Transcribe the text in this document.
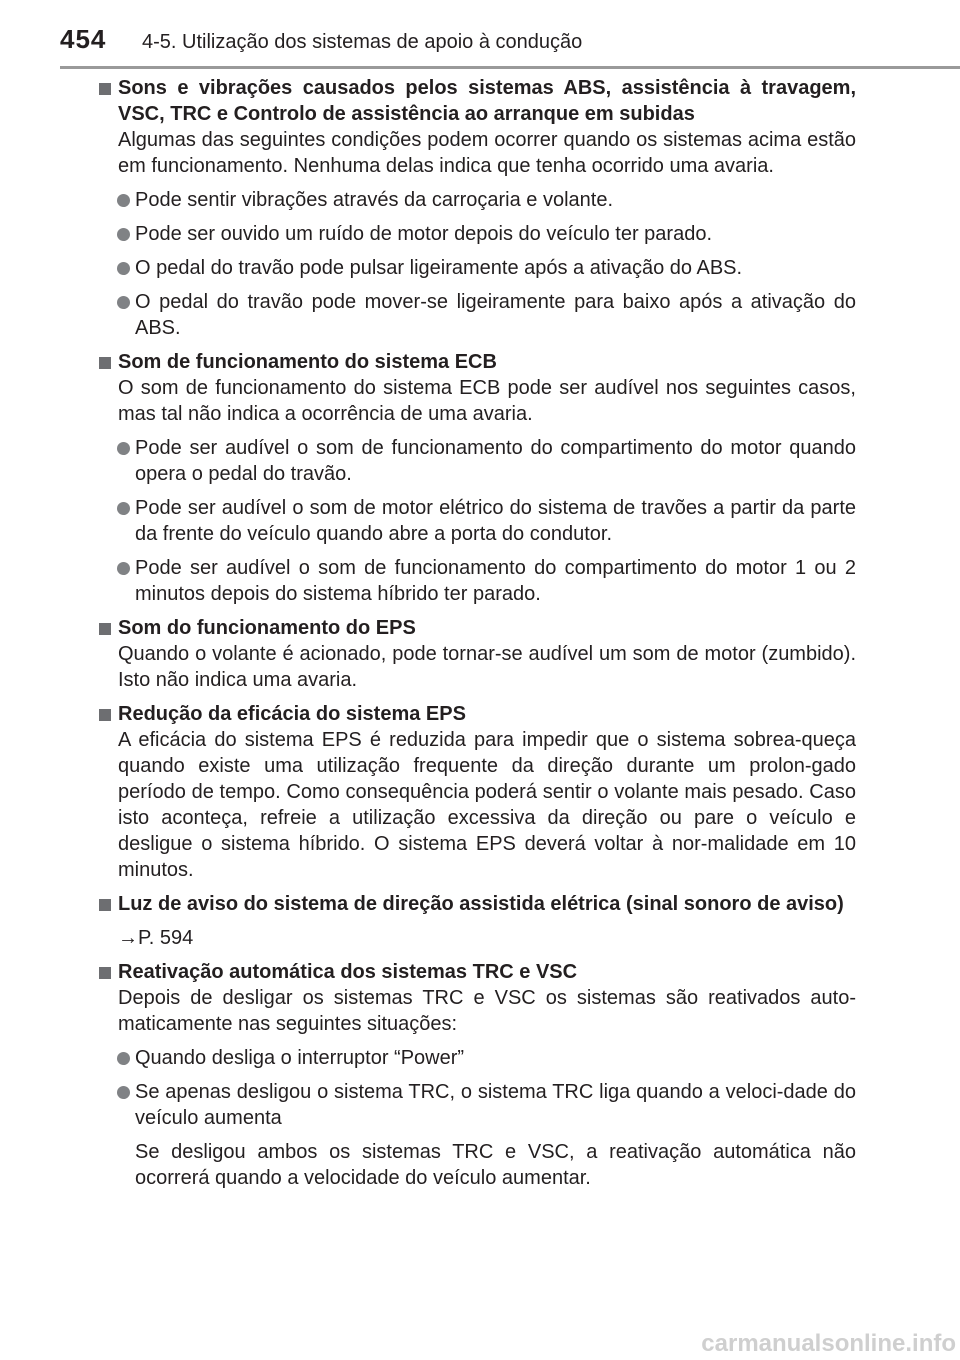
454 4-5. Utilização dos sistemas de apoio à condução
Sons e vibrações causados pelos sistemas ABS, assistência à travagem, VSC, TRC e Controlo de assistência ao arranque em subidas
Algumas das seguintes condições podem ocorrer quando os sistemas acima estão em funcionamento. Nenhuma delas indica que tenha ocorrido uma avaria.
Pode sentir vibrações através da carroçaria e volante.
Pode ser ouvido um ruído de motor depois do veículo ter parado.
O pedal do travão pode pulsar ligeiramente após a ativação do ABS.
O pedal do travão pode mover-se ligeiramente para baixo após a ativação do ABS.
Som de funcionamento do sistema ECB
O som de funcionamento do sistema ECB pode ser audível nos seguintes casos, mas tal não indica a ocorrência de uma avaria.
Pode ser audível o som de funcionamento do compartimento do motor quando opera o pedal do travão.
Pode ser audível o som de motor elétrico do sistema de travões a partir da parte da frente do veículo quando abre a porta do condutor.
Pode ser audível o som de funcionamento do compartimento do motor 1 ou 2 minutos depois do sistema híbrido ter parado.
Som do funcionamento do EPS
Quando o volante é acionado, pode tornar-se audível um som de motor (zumbido). Isto não indica uma avaria.
Redução da eficácia do sistema EPS
A eficácia do sistema EPS é reduzida para impedir que o sistema sobrea-queça quando existe uma utilização frequente da direção durante um prolon-gado período de tempo. Como consequência poderá sentir o volante mais pesado. Caso isto aconteça, refreie a utilização excessiva da direção ou pare o veículo e desligue o sistema híbrido. O sistema EPS deverá voltar à nor-malidade em 10 minutos.
Luz de aviso do sistema de direção assistida elétrica (sinal sonoro de aviso)
→P. 594
Reativação automática dos sistemas TRC e VSC
Depois de desligar os sistemas TRC e VSC os sistemas são reativados auto-maticamente nas seguintes situações:
Quando desliga o interruptor “Power”
Se apenas desligou o sistema TRC, o sistema TRC liga quando a veloci-dade do veículo aumenta
Se desligou ambos os sistemas TRC e VSC, a reativação automática não ocorrerá quando a velocidade do veículo aumentar.
carmanualsonline.info
